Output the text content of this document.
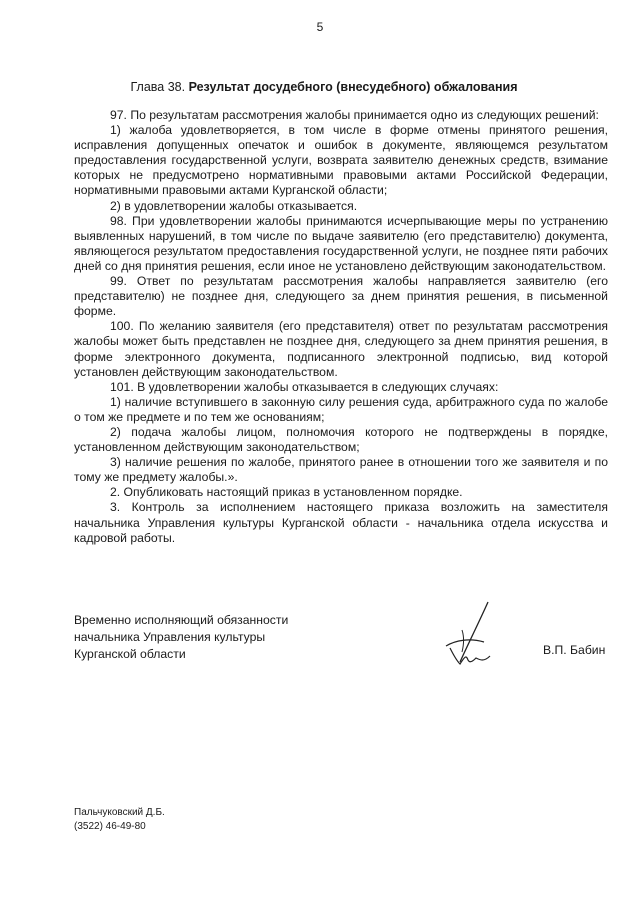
5
Глава 38. Результат досудебного (внесудебного) обжалования

97. По результатам рассмотрения жалобы принимается одно из следующих решений:

1) жалоба удовлетворяется, в том числе в форме отмены принятого решения, исправления допущенных опечаток и ошибок в документе, являющемся результатом предоставления государственной услуги, возврата заявителю денежных средств, взимание которых не предусмотрено нормативными правовыми актами Российской Федерации, нормативными правовыми актами Курганской области;

2) в удовлетворении жалобы отказывается.

98. При удовлетворении жалобы принимаются исчерпывающие меры по устранению выявленных нарушений, в том числе по выдаче заявителю (его представителю) документа, являющегося результатом предоставления государственной услуги, не позднее пяти рабочих дней со дня принятия решения, если иное не установлено действующим законодательством.

99. Ответ по результатам рассмотрения жалобы направляется заявителю (его представителю) не позднее дня, следующего за днем принятия решения, в письменной форме.

100. По желанию заявителя (его представителя) ответ по результатам рассмотрения жалобы может быть представлен не позднее дня, следующего за днем принятия решения, в форме электронного документа, подписанного электронной подписью, вид которой установлен действующим законодательством.

101. В удовлетворении жалобы отказывается в следующих случаях:

1) наличие вступившего в законную силу решения суда, арбитражного суда по жалобе о том же предмете и по тем же основаниям;

2) подача жалобы лицом, полномочия которого не подтверждены в порядке, установленном действующим законодательством;

3) наличие решения по жалобе, принятого ранее в отношении того же заявителя и по тому же предмету жалобы.».

2. Опубликовать настоящий приказ в установленном порядке.

3. Контроль за исполнением настоящего приказа возложить на заместителя начальника Управления культуры Курганской области - начальника отдела искусства и кадровой работы.

Временно исполняющий обязанности
начальника Управления культуры
Курганской области	В.П. Бабин
Пальчуковский Д.Б.
(3522) 46-49-80
